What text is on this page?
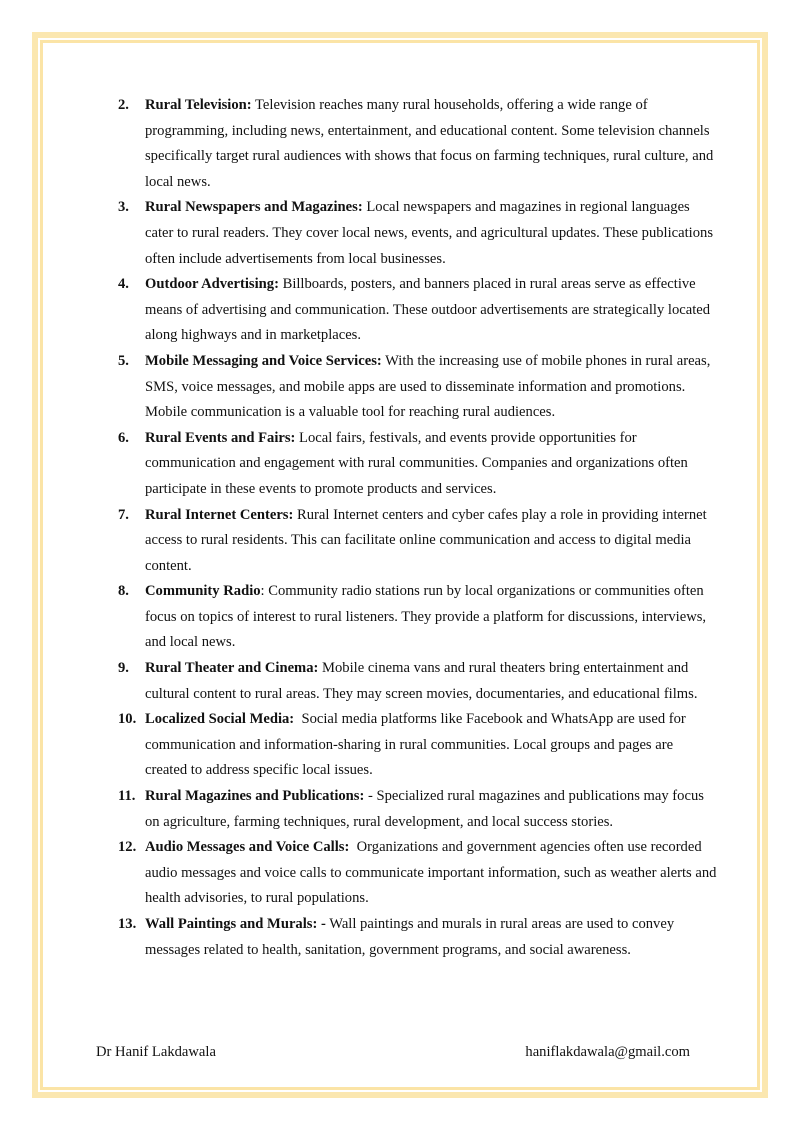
2.	Rural Television: Television reaches many rural households, offering a wide range of programming, including news, entertainment, and educational content. Some television channels specifically target rural audiences with shows that focus on farming techniques, rural culture, and local news.
3.	Rural Newspapers and Magazines: Local newspapers and magazines in regional languages cater to rural readers. They cover local news, events, and agricultural updates. These publications often include advertisements from local businesses.
4.	Outdoor Advertising: Billboards, posters, and banners placed in rural areas serve as effective means of advertising and communication. These outdoor advertisements are strategically located along highways and in marketplaces.
5.	Mobile Messaging and Voice Services: With the increasing use of mobile phones in rural areas, SMS, voice messages, and mobile apps are used to disseminate information and promotions. Mobile communication is a valuable tool for reaching rural audiences.
6.	Rural Events and Fairs: Local fairs, festivals, and events provide opportunities for communication and engagement with rural communities. Companies and organizations often participate in these events to promote products and services.
7.	Rural Internet Centers: Rural Internet centers and cyber cafes play a role in providing internet access to rural residents. This can facilitate online communication and access to digital media content.
8.	Community Radio: Community radio stations run by local organizations or communities often focus on topics of interest to rural listeners. They provide a platform for discussions, interviews, and local news.
9.	Rural Theater and Cinema: Mobile cinema vans and rural theaters bring entertainment and cultural content to rural areas. They may screen movies, documentaries, and educational films.
10. Localized Social Media:  Social media platforms like Facebook and WhatsApp are used for communication and information-sharing in rural communities. Local groups and pages are created to address specific local issues.
11. Rural Magazines and Publications: - Specialized rural magazines and publications may focus on agriculture, farming techniques, rural development, and local success stories.
12. Audio Messages and Voice Calls:  Organizations and government agencies often use recorded audio messages and voice calls to communicate important information, such as weather alerts and health advisories, to rural populations.
13. Wall Paintings and Murals: - Wall paintings and murals in rural areas are used to convey messages related to health, sanitation, government programs, and social awareness.
Dr Hanif Lakdawala	haniflakdawala@gmail.com
